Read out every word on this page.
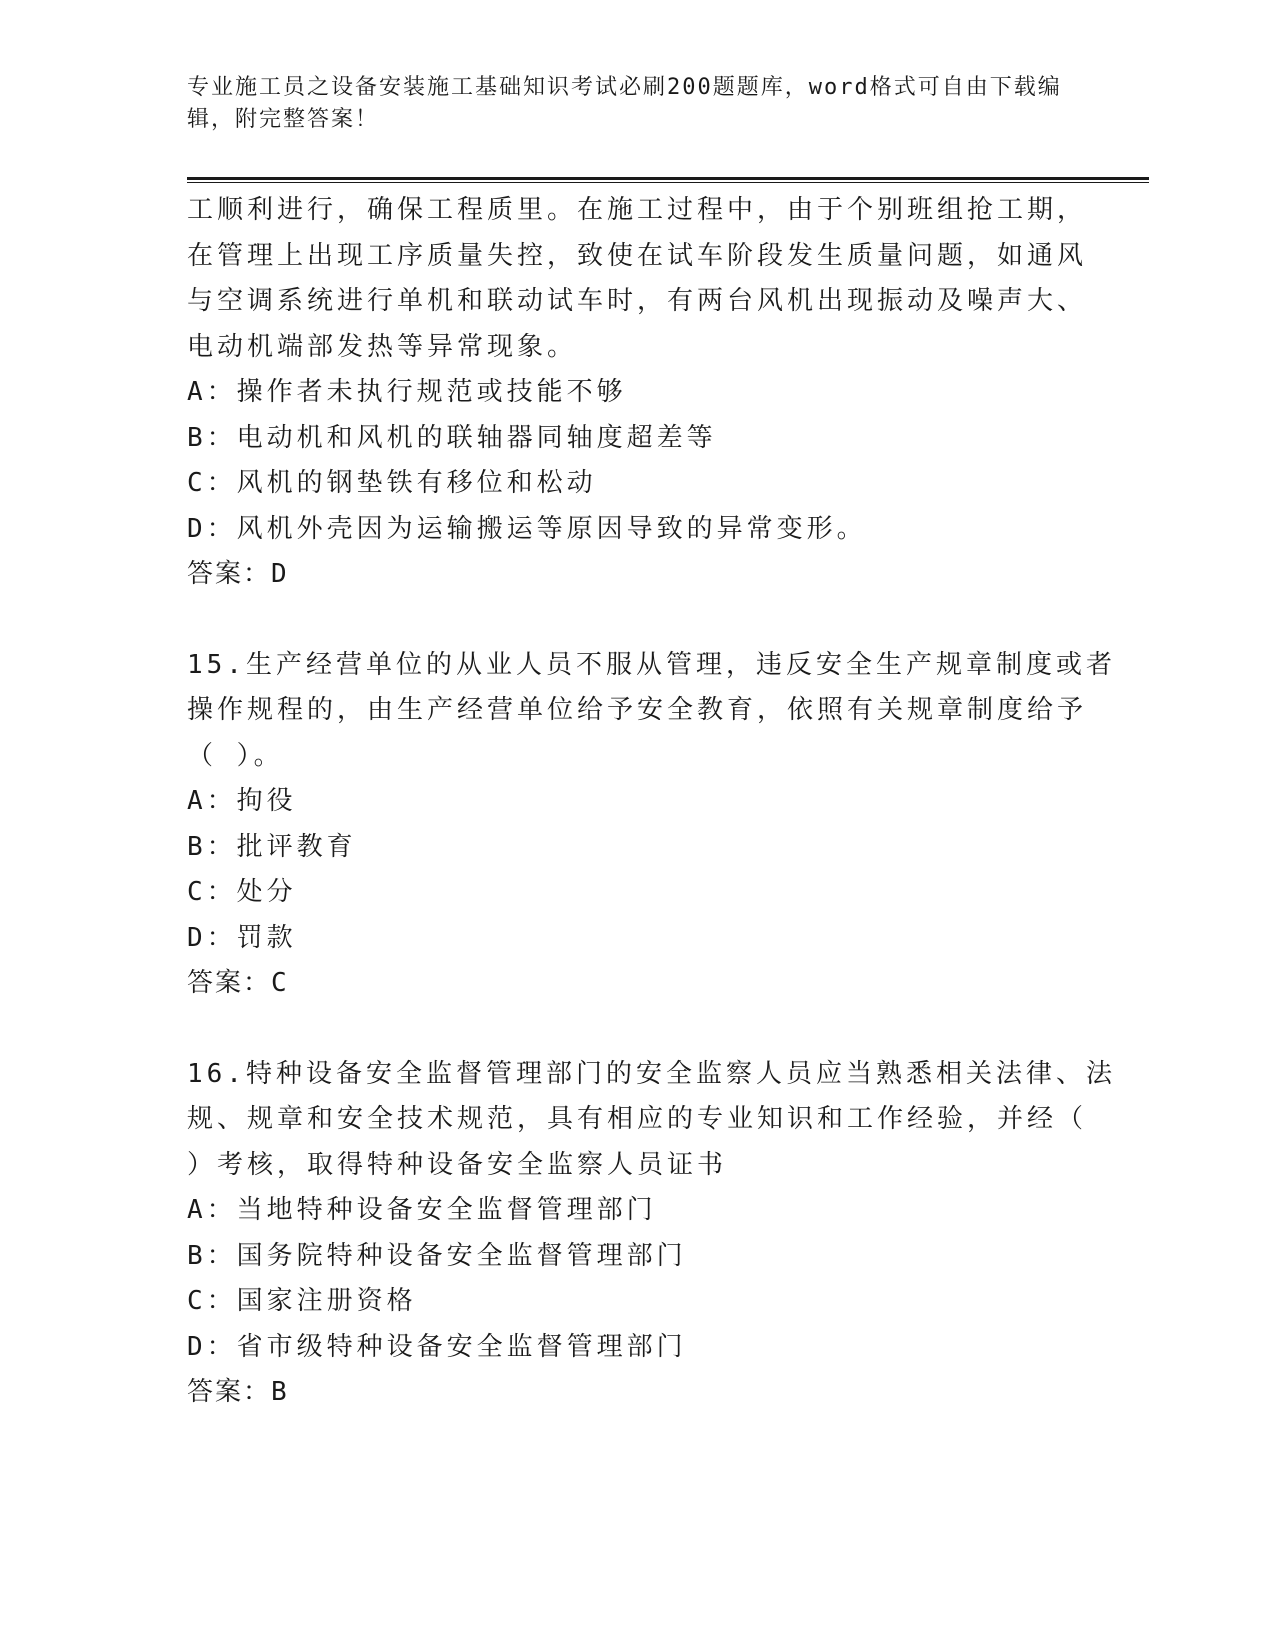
专业施工员之设备安装施工基础知识考试必刷200题题库，word格式可自由下载编辑，附完整答案！
工顺利进行，确保工程质里。在施工过程中，由于个别班组抢工期，
在管理上出现工序质量失控，致使在试车阶段发生质量问题，如通风
与空调系统进行单机和联动试车时，有两台风机出现振动及噪声大、
电动机端部发热等异常现象。
A：操作者未执行规范或技能不够
B：电动机和风机的联轴器同轴度超差等
C：风机的钢垫铁有移位和松动
D：风机外壳因为运输搬运等原因导致的异常变形。
答案：D
15.生产经营单位的从业人员不服从管理，违反安全生产规章制度或者
操作规程的，由生产经营单位给予安全教育，依照有关规章制度给予
（ ）。
A：拘役
B：批评教育
C：处分
D：罚款
答案：C
16.特种设备安全监督管理部门的安全监察人员应当熟悉相关法律、法
规、规章和安全技术规范，具有相应的专业知识和工作经验，并经（
）考核，取得特种设备安全监察人员证书
A：当地特种设备安全监督管理部门
B：国务院特种设备安全监督管理部门
C：国家注册资格
D：省市级特种设备安全监督管理部门
答案：B
